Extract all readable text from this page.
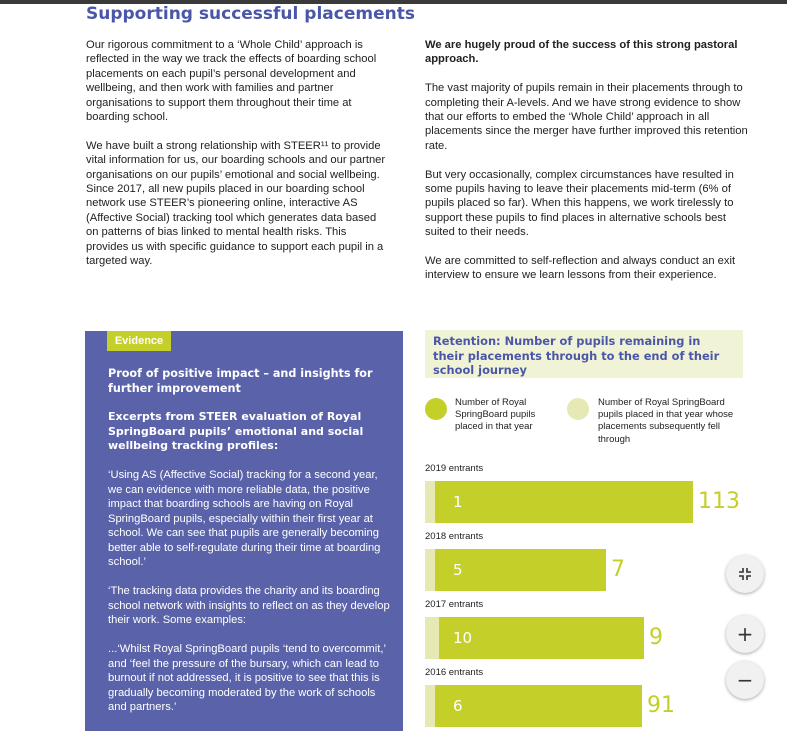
Supporting successful placements

Our rigorous commitment to a ‘Whole Child’ approach is reflected in the way we track the effects of boarding school placements on each pupil’s personal development and wellbeing, and then work with families and partner organisations to support them throughout their time at boarding school.

We have built a strong relationship with STEER¹¹ to provide vital information for us, our boarding schools and our partner organisations on our pupils’ emotional and social wellbeing. Since 2017, all new pupils placed in our boarding school network use STEER’s pioneering online, interactive AS (Affective Social) tracking tool which generates data based on patterns of bias linked to mental health risks. This provides us with specific guidance to support each pupil in a targeted way.

We are hugely proud of the success of this strong pastoral approach.

The vast majority of pupils remain in their placements through to completing their A-levels. And we have strong evidence to show that our efforts to embed the ‘Whole Child’ approach in all placements since the merger have further improved this retention rate.

But very occasionally, complex circumstances have resulted in some pupils having to leave their placements mid-term (6% of pupils placed so far). When this happens, we work tirelessly to support these pupils to find places in alternative schools best suited to their needs.

We are committed to self-reflection and always conduct an exit interview to ensure we learn lessons from their experience.

Evidence
Proof of positive impact – and insights for further improvement
Excerpts from STEER evaluation of Royal SpringBoard pupils’ emotional and social wellbeing tracking profiles:

‘Using AS (Affective Social) tracking for a second year, we can evidence with more reliable data, the positive impact that boarding schools are having on Royal SpringBoard pupils, especially within their first year at school. We can see that pupils are generally becoming better able to self-regulate during their time at boarding school.’

‘The tracking data provides the charity and its boarding school network with insights to reflect on as they develop their work. Some examples:

...‘Whilst Royal SpringBoard pupils ‘tend to overcommit,’ and ‘feel the pressure of the bursary, which can lead to burnout if not addressed, it is positive to see that this is gradually becoming moderated by the work of schools and partners.’

Retention: Number of pupils remaining in their placements through to the end of their school journey
Number of Royal SpringBoard pupils placed in that year
Number of Royal SpringBoard pupils placed in that year whose placements subsequently fell through
2019 entrants
1	113
2018 entrants
5	7
2017 entrants
10	9
2016 entrants
6	91
+
−
